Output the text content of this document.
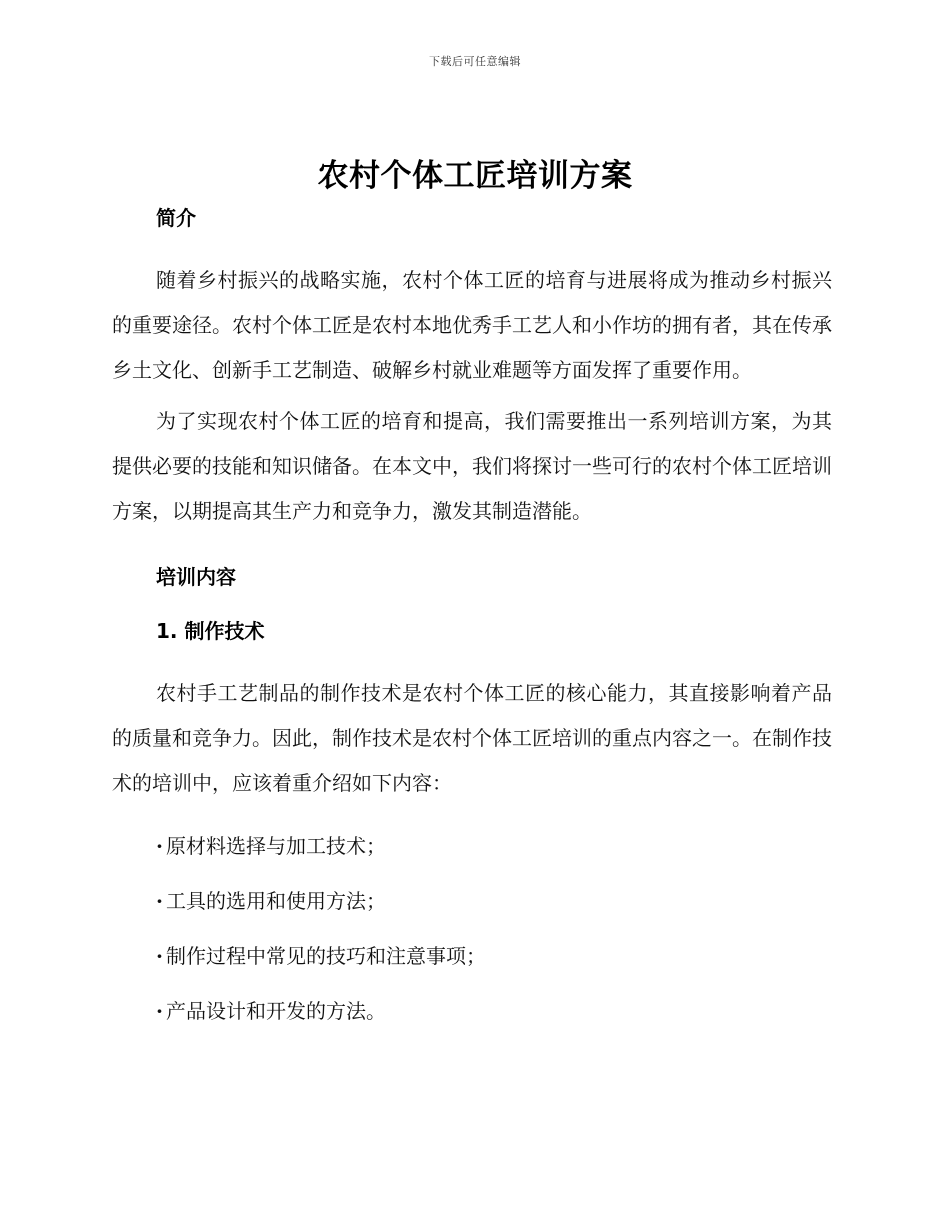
下载后可任意编辑
农村个体工匠培训方案

简介

随着乡村振兴的战略实施，农村个体工匠的培育与进展将成为推动乡村振兴的重要途径。农村个体工匠是农村本地优秀手工艺人和小作坊的拥有者，其在传承乡土文化、创新手工艺制造、破解乡村就业难题等方面发挥了重要作用。

为了实现农村个体工匠的培育和提高，我们需要推出一系列培训方案，为其提供必要的技能和知识储备。在本文中，我们将探讨一些可行的农村个体工匠培训方案，以期提高其生产力和竞争力，激发其制造潜能。

培训内容

1. 制作技术

农村手工艺制品的制作技术是农村个体工匠的核心能力，其直接影响着产品的质量和竞争力。因此，制作技术是农村个体工匠培训的重点内容之一。在制作技术的培训中，应该着重介绍如下内容：

· 原材料选择与加工技术；

· 工具的选用和使用方法；

· 制作过程中常见的技巧和注意事项；

· 产品设计和开发的方法。
